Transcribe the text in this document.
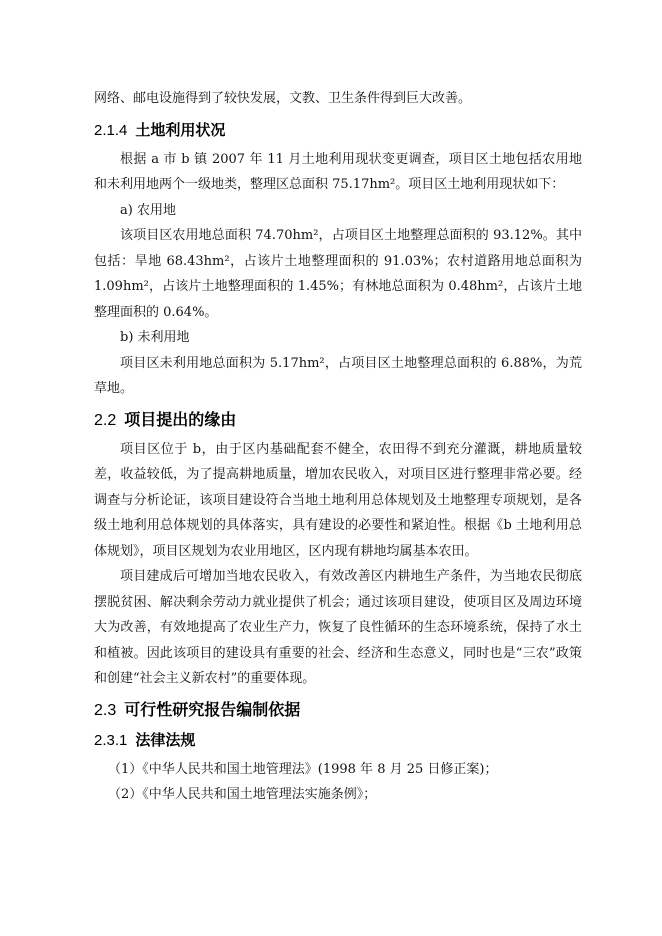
网络、邮电设施得到了较快发展，文教、卫生条件得到巨大改善。

2.1.4 土地利用状况

根据 a 市 b 镇 2007 年 11 月土地利用现状变更调查，项目区土地包括农用地和未利用地两个一级地类，整理区总面积 75.17hm²。项目区土地利用现状如下：

a) 农用地

该项目区农用地总面积 74.70hm²，占项目区土地整理总面积的 93.12%。其中包括：旱地 68.43hm²，占该片土地整理面积的 91.03%；农村道路用地总面积为 1.09hm²，占该片土地整理面积的 1.45%；有林地总面积为 0.48hm²，占该片土地整理面积的 0.64%。

b) 未利用地

项目区未利用地总面积为 5.17hm²，占项目区土地整理总面积的 6.88%，为荒草地。

2.2 项目提出的缘由

项目区位于 b，由于区内基础配套不健全，农田得不到充分灌溉，耕地质量较差，收益较低，为了提高耕地质量，增加农民收入，对项目区进行整理非常必要。经调查与分析论证，该项目建设符合当地土地利用总体规划及土地整理专项规划，是各级土地利用总体规划的具体落实，具有建设的必要性和紧迫性。根据《b 土地利用总体规划》，项目区规划为农业用地区，区内现有耕地均属基本农田。

项目建成后可增加当地农民收入，有效改善区内耕地生产条件，为当地农民彻底摆脱贫困、解决剩余劳动力就业提供了机会；通过该项目建设，使项目区及周边环境大为改善，有效地提高了农业生产力，恢复了良性循环的生态环境系统，保持了水土和植被。因此该项目的建设具有重要的社会、经济和生态意义，同时也是“三农”政策和创建“社会主义新农村”的重要体现。

2.3 可行性研究报告编制依据
2.3.1 法律法规

（1）《中华人民共和国土地管理法》(1998 年 8 月 25 日修正案)；

（2）《中华人民共和国土地管理法实施条例》；
